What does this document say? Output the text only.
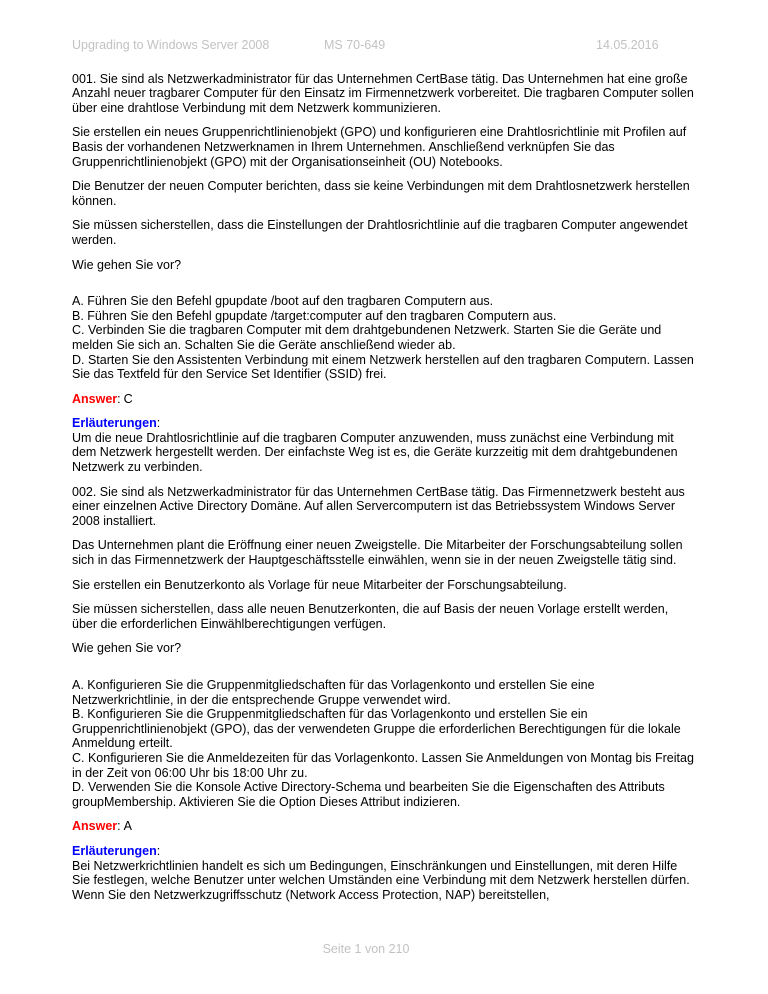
Upgrading to Windows Server 2008	MS 70-649	14.05.2016

001. Sie sind als Netzwerkadministrator für das Unternehmen CertBase tätig. Das Unternehmen hat eine große Anzahl neuer tragbarer Computer für den Einsatz im Firmennetzwerk vorbereitet. Die tragbaren Computer sollen über eine drahtlose Verbindung mit dem Netzwerk kommunizieren.

Sie erstellen ein neues Gruppenrichtlinienobjekt (GPO) und konfigurieren eine Drahtlosrichtlinie mit Profilen auf Basis der vorhandenen Netzwerknamen in Ihrem Unternehmen. Anschließend verknüpfen Sie das Gruppenrichtlinienobjekt (GPO) mit der Organisationseinheit (OU) Notebooks.

Die Benutzer der neuen Computer berichten, dass sie keine Verbindungen mit dem Drahtlosnetzwerk herstellen können.

Sie müssen sicherstellen, dass die Einstellungen der Drahtlosrichtlinie auf die tragbaren Computer angewendet werden.

Wie gehen Sie vor?

A. Führen Sie den Befehl gpupdate /boot auf den tragbaren Computern aus.
B. Führen Sie den Befehl gpupdate /target:computer auf den tragbaren Computern aus.
C. Verbinden Sie die tragbaren Computer mit dem drahtgebundenen Netzwerk. Starten Sie die Geräte und melden Sie sich an. Schalten Sie die Geräte anschließend wieder ab.
D. Starten Sie den Assistenten Verbindung mit einem Netzwerk herstellen auf den tragbaren Computern. Lassen Sie das Textfeld für den Service Set Identifier (SSID) frei.

Answer: C

Erläuterungen:
Um die neue Drahtlosrichtlinie auf die tragbaren Computer anzuwenden, muss zunächst eine Verbindung mit dem Netzwerk hergestellt werden. Der einfachste Weg ist es, die Geräte kurzzeitig mit dem drahtgebundenen Netzwerk zu verbinden.

002. Sie sind als Netzwerkadministrator für das Unternehmen CertBase tätig. Das Firmennetzwerk besteht aus einer einzelnen Active Directory Domäne. Auf allen Servercomputern ist das Betriebssystem Windows Server 2008 installiert.

Das Unternehmen plant die Eröffnung einer neuen Zweigstelle. Die Mitarbeiter der Forschungsabteilung sollen sich in das Firmennetzwerk der Hauptgeschäftsstelle einwählen, wenn sie in der neuen Zweigstelle tätig sind.

Sie erstellen ein Benutzerkonto als Vorlage für neue Mitarbeiter der Forschungsabteilung.

Sie müssen sicherstellen, dass alle neuen Benutzerkonten, die auf Basis der neuen Vorlage erstellt werden, über die erforderlichen Einwählberechtigungen verfügen.

Wie gehen Sie vor?

A. Konfigurieren Sie die Gruppenmitgliedschaften für das Vorlagenkonto und erstellen Sie eine Netzwerkrichtlinie, in der die entsprechende Gruppe verwendet wird.
B. Konfigurieren Sie die Gruppenmitgliedschaften für das Vorlagenkonto und erstellen Sie ein Gruppenrichtlinienobjekt (GPO), das der verwendeten Gruppe die erforderlichen Berechtigungen für die lokale Anmeldung erteilt.
C. Konfigurieren Sie die Anmeldezeiten für das Vorlagenkonto. Lassen Sie Anmeldungen von Montag bis Freitag in der Zeit von 06:00 Uhr bis 18:00 Uhr zu.
D. Verwenden Sie die Konsole Active Directory-Schema und bearbeiten Sie die Eigenschaften des Attributs groupMembership. Aktivieren Sie die Option Dieses Attribut indizieren.

Answer: A

Erläuterungen:
Bei Netzwerkrichtlinien handelt es sich um Bedingungen, Einschränkungen und Einstellungen, mit deren Hilfe Sie festlegen, welche Benutzer unter welchen Umständen eine Verbindung mit dem Netzwerk herstellen dürfen. Wenn Sie den Netzwerkzugriffsschutz (Network Access Protection, NAP) bereitstellen,
Seite 1 von 210
